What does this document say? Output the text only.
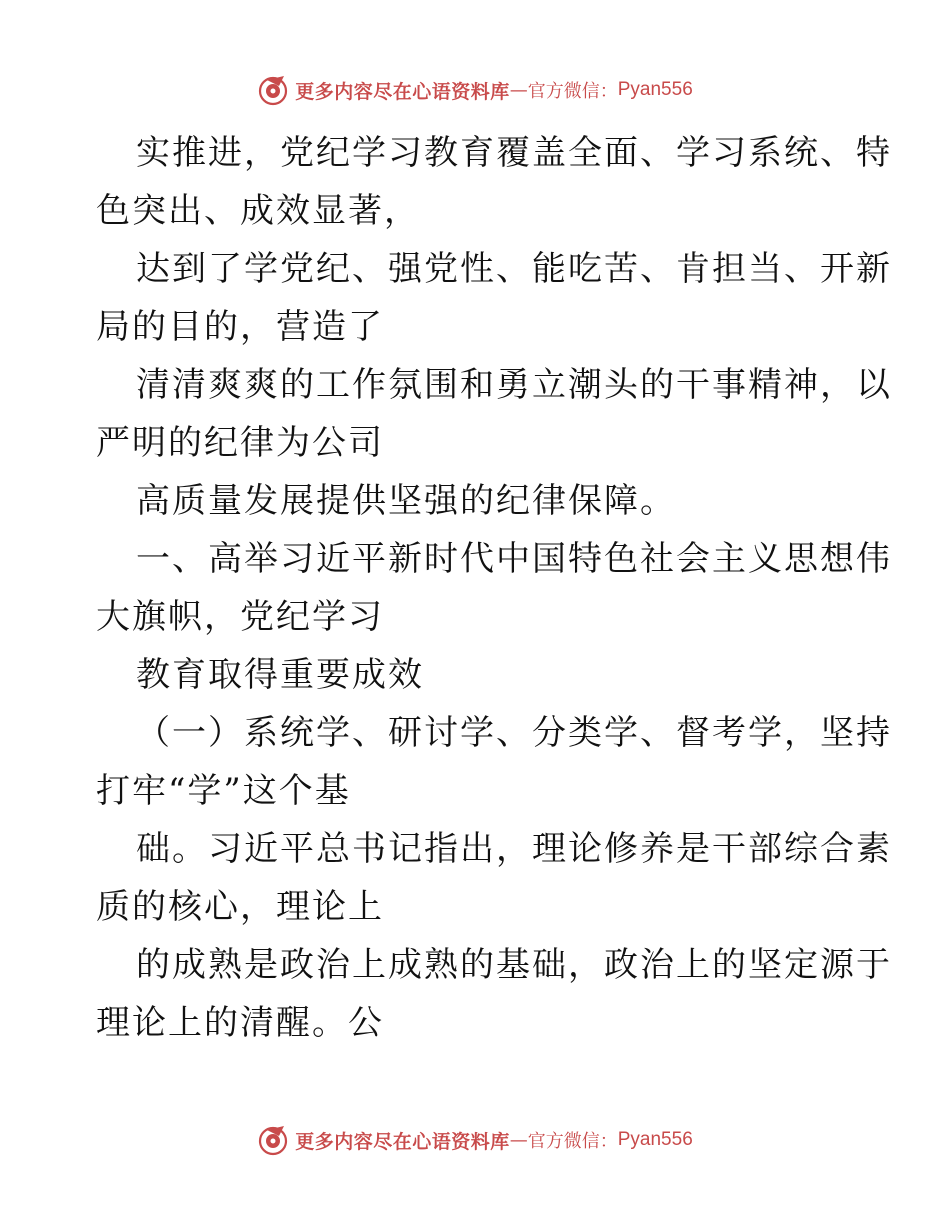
更多内容尽在心语资料库 — 官方微信： Pyan556

实推进，党纪学习教育覆盖全面、学习系统、特
色突出、成效显著，

达到了学党纪、强党性、能吃苦、肯担当、开新
局的目的，营造了

清清爽爽的工作氛围和勇立潮头的干事精神，以
严明的纪律为公司

高质量发展提供坚强的纪律保障。

一、高举习近平新时代中国特色社会主义思想伟
大旗帜，党纪学习

教育取得重要成效

（一）系统学、研讨学、分类学、督考学，坚持
打牢“学”这个基

础。习近平总书记指出，理论修养是干部综合素
质的核心，理论上

的成熟是政治上成熟的基础，政治上的坚定源于
理论上的清醒。公

更多内容尽在心语资料库 — 官方微信： Pyan556
